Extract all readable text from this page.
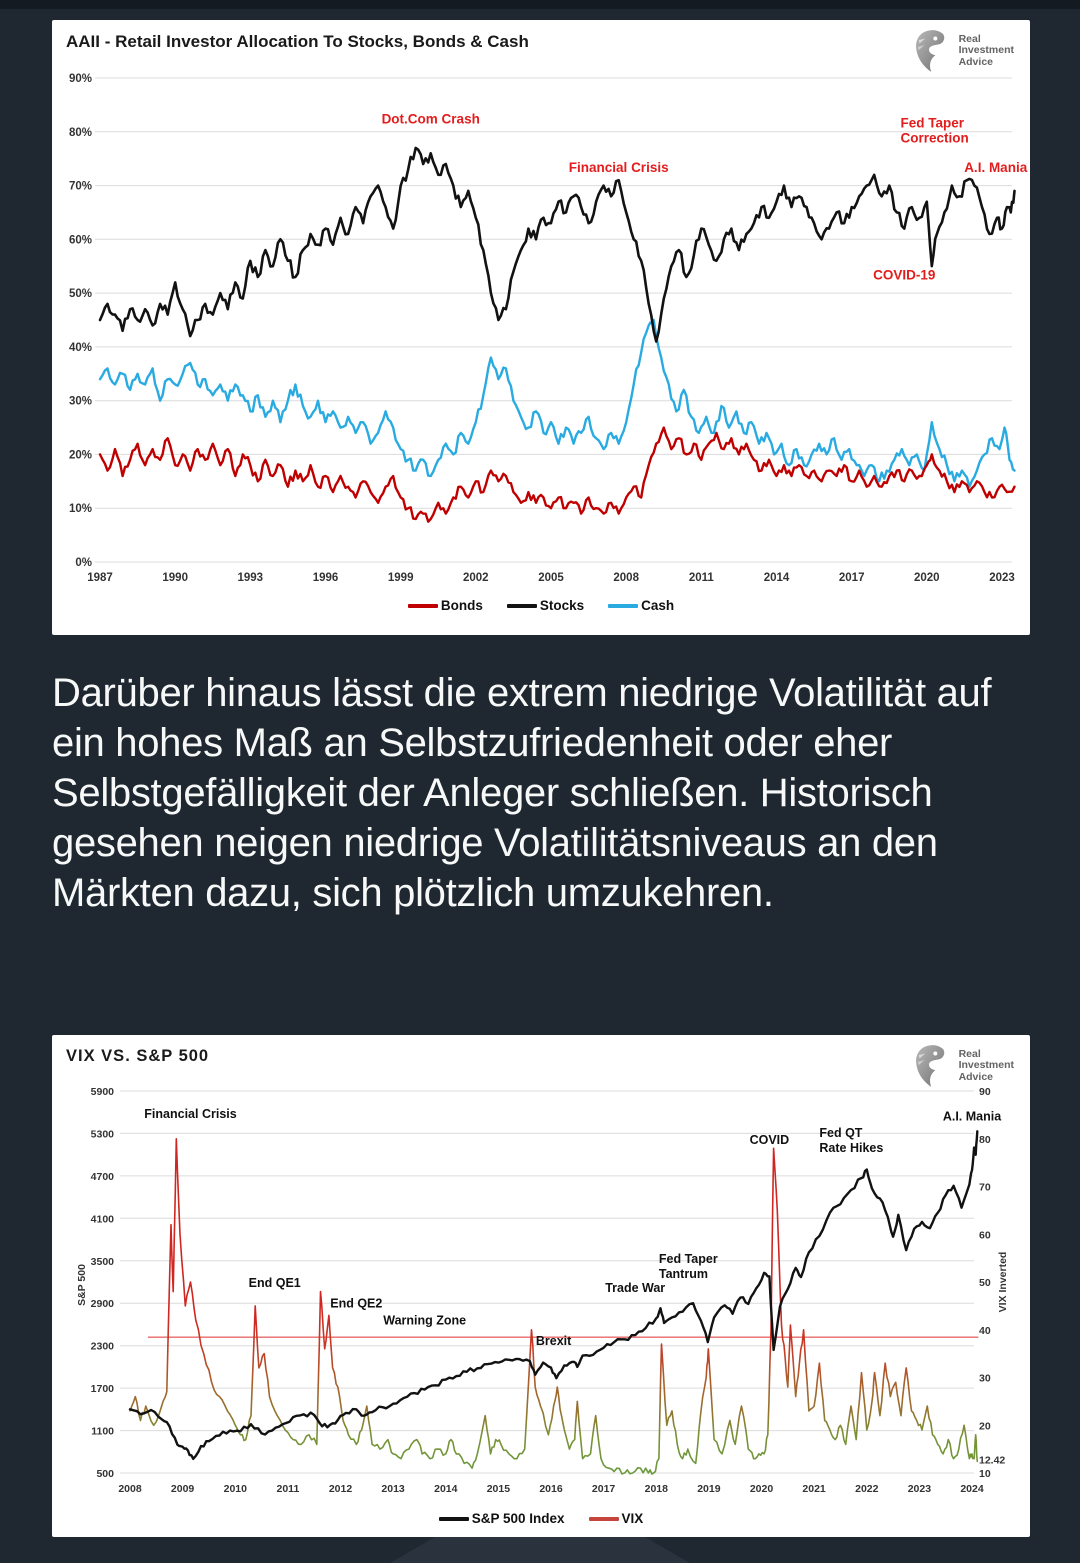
1987	1990	1993	1996	1999	2002	2005	2008	2011	2014	2017	2020	2023
0%
10%
20%
30%
40%
50%
60%
70%
80%
90%
Dot.Com Crash
Financial Crisis
Fed Taper Correction
A.I. Mania
COVID-19
AAII - Retail Investor Allocation To Stocks, Bonds & Cash	Real
Investment
Advice
Bonds	Stocks	Cash

Darüber hinaus lässt die extrem niedrige Volatilität auf ein hohes Maß an Selbstzufriedenheit oder eher Selbstgefälligkeit der Anleger schließen. Historisch gesehen neigen niedrige Volatilitätsniveaus an den Märkten dazu, sich plötzlich umzukehren.

2008	2009	2010	2011	2012	2013	2014	2015	2016	2017	2018	2019	2020	2021	2022	2023	2024
500
1100
1700
2300
2900
3500
4100
4700
5300
5900
10
20
30
40
50
60
70
80
90
12.42
S&P 500	VIX Inverted
Financial Crisis
End QE1
End QE2
Warning Zone
Brexit
Trade War
Fed Taper Tantrum
COVID
Fed QT Rate Hikes
A.I. Mania
VIX VS. S&P 500	Real
Investment
Advice
S&P 500 Index	VIX
